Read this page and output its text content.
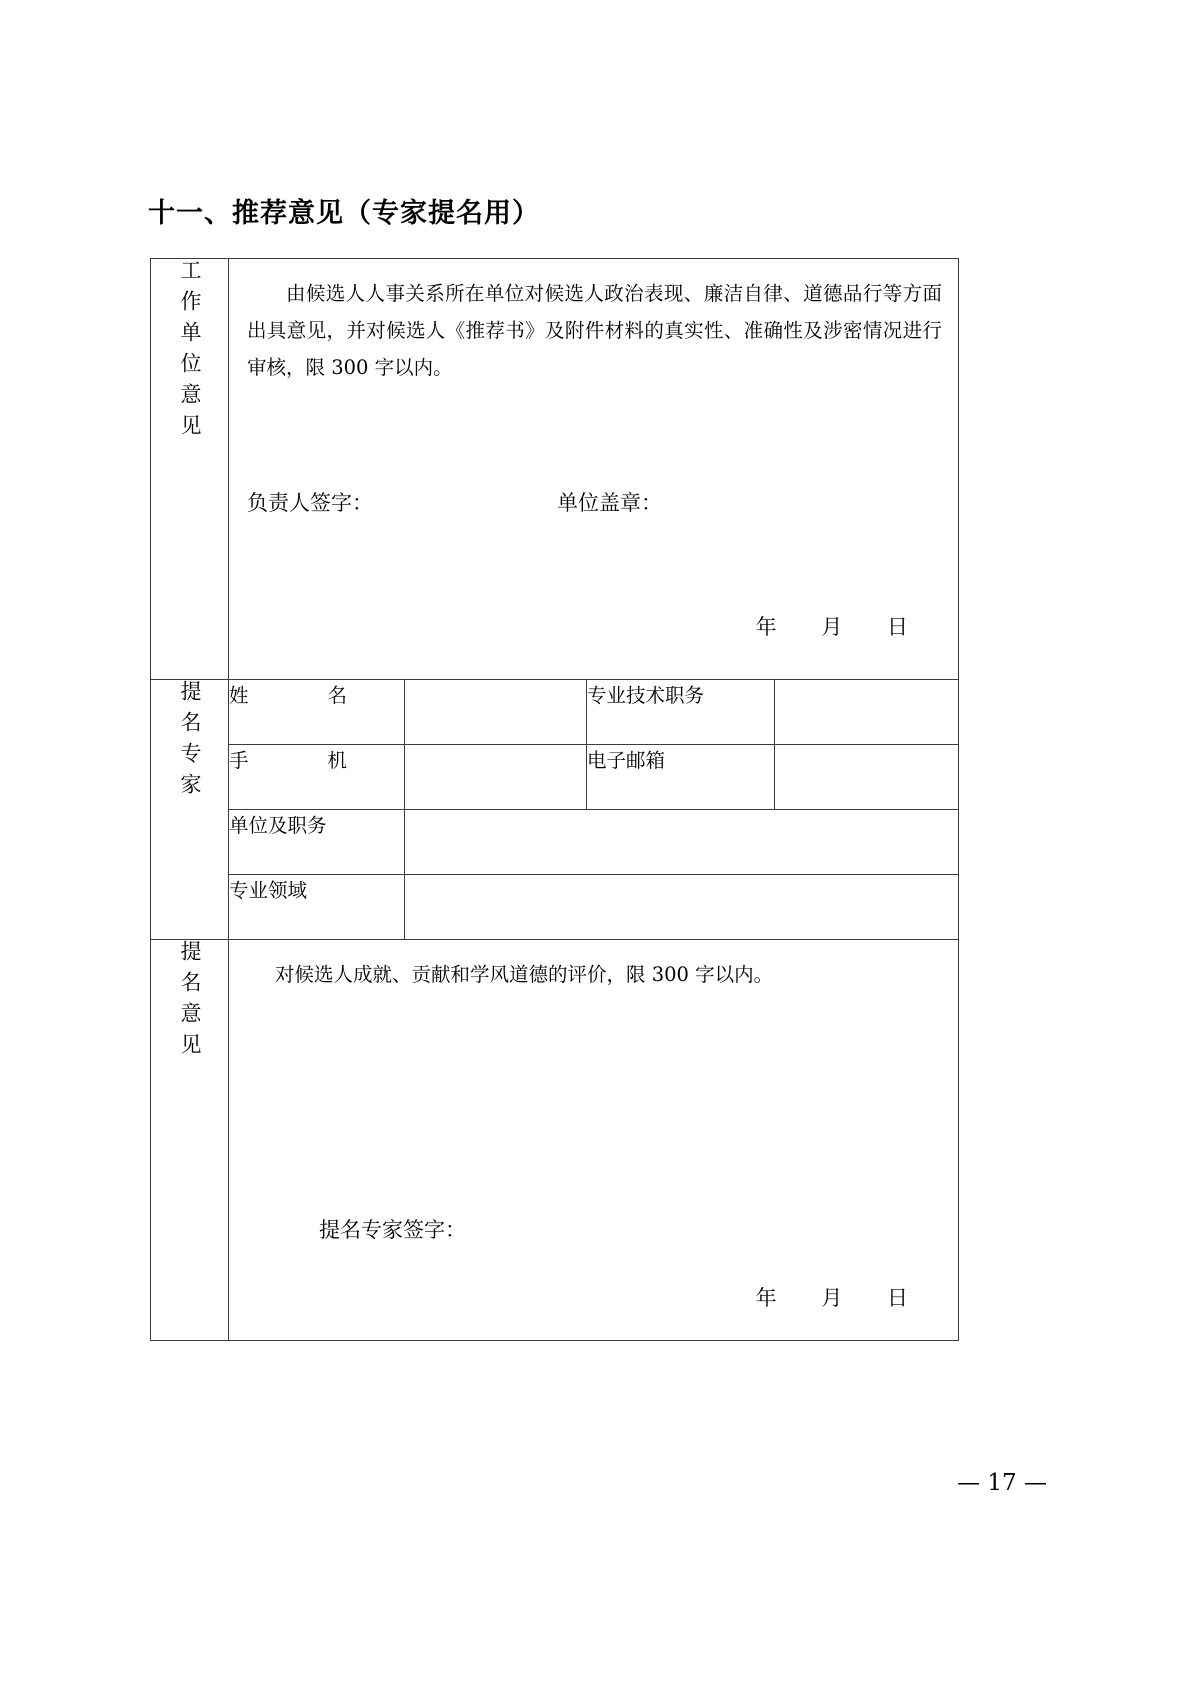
十一、推荐意见（专家提名用）
工作单位意见	由候选人人事关系所在单位对候选人政治表现、廉洁自律、道德品行等方面出具意见，并对候选人《推荐书》及附件材料的真实性、准确性及涉密情况进行审核，限 300 字以内。
负责人签字： 单位盖章：
年 月 日			

提名专家	姓　　名		专业技术职务	
	手　　机		电子邮箱	
	单位及职务			
	专业领域			
提名意见	对候选人成就、贡献和学风道德的评价，限 300 字以内。
提名专家签字：
年 月 日			
— 17 —
